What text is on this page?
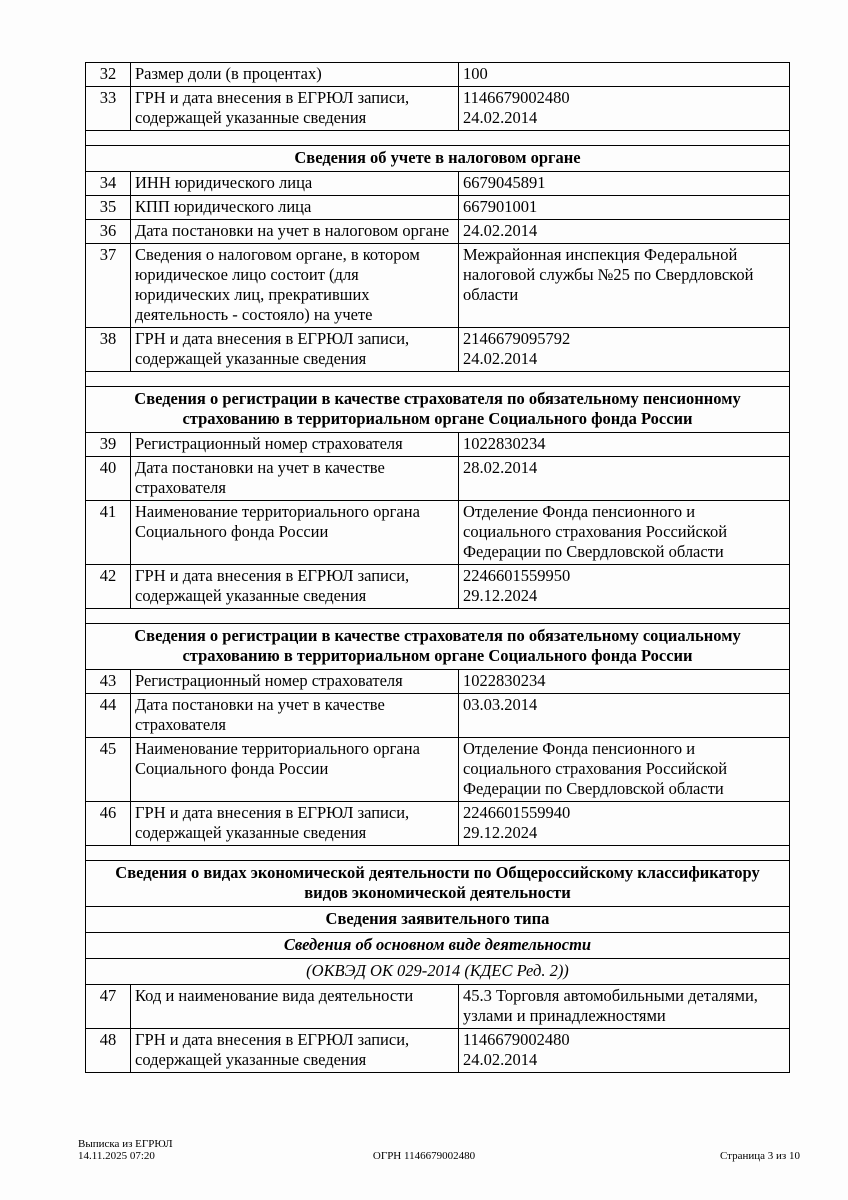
32	Размер доли (в процентах)	100

33	ГРН и дата внесения в ЕГРЮЛ записи, содержащей указанные сведения	1146679002480
24.02.2014

Сведения об учете в налоговом органе		
34	ИНН юридического лица	6679045891

35	КПП юридического лица	667901001

36	Дата постановки на учет в налоговом органе	24.02.2014

37	Сведения о налоговом органе, в котором юридическое лицо состоит (для юридических лиц, прекративших деятельность - состояло) на учете	Межрайонная инспекция Федеральной налоговой службы №25 по Свердловской области

38	ГРН и дата внесения в ЕГРЮЛ записи, содержащей указанные сведения	2146679095792
24.02.2014

Сведения о регистрации в качестве страхователя по обязательному пенсионному страхованию в территориальном органе Социального фонда России		
39	Регистрационный номер страхователя	1022830234

40	Дата постановки на учет в качестве страхователя	28.02.2014

41	Наименование территориального органа Социального фонда России	Отделение Фонда пенсионного и социального страхования Российской Федерации по Свердловской области

42	ГРН и дата внесения в ЕГРЮЛ записи, содержащей указанные сведения	2246601559950
29.12.2024

Сведения о регистрации в качестве страхователя по обязательному социальному страхованию в территориальном органе Социального фонда России		
43	Регистрационный номер страхователя	1022830234

44	Дата постановки на учет в качестве страхователя	03.03.2014

45	Наименование территориального органа Социального фонда России	Отделение Фонда пенсионного и социального страхования Российской Федерации по Свердловской области

46	ГРН и дата внесения в ЕГРЮЛ записи, содержащей указанные сведения	2246601559940
29.12.2024

Сведения о видах экономической деятельности по Общероссийскому классификатору видов экономической деятельности		
Сведения заявительного типа		
Сведения об основном виде деятельности		
(ОКВЭД ОК 029-2014 (КДЕС Ред. 2))		
47	Код и наименование вида деятельности	45.3 Торговля автомобильными деталями, узлами и принадлежностями

48	ГРН и дата внесения в ЕГРЮЛ записи, содержащей указанные сведения	1146679002480
24.02.2014
Выписка из ЕГРЮЛ
14.11.2025 07:20	ОГРН 1146679002480	Страница 3 из 10
